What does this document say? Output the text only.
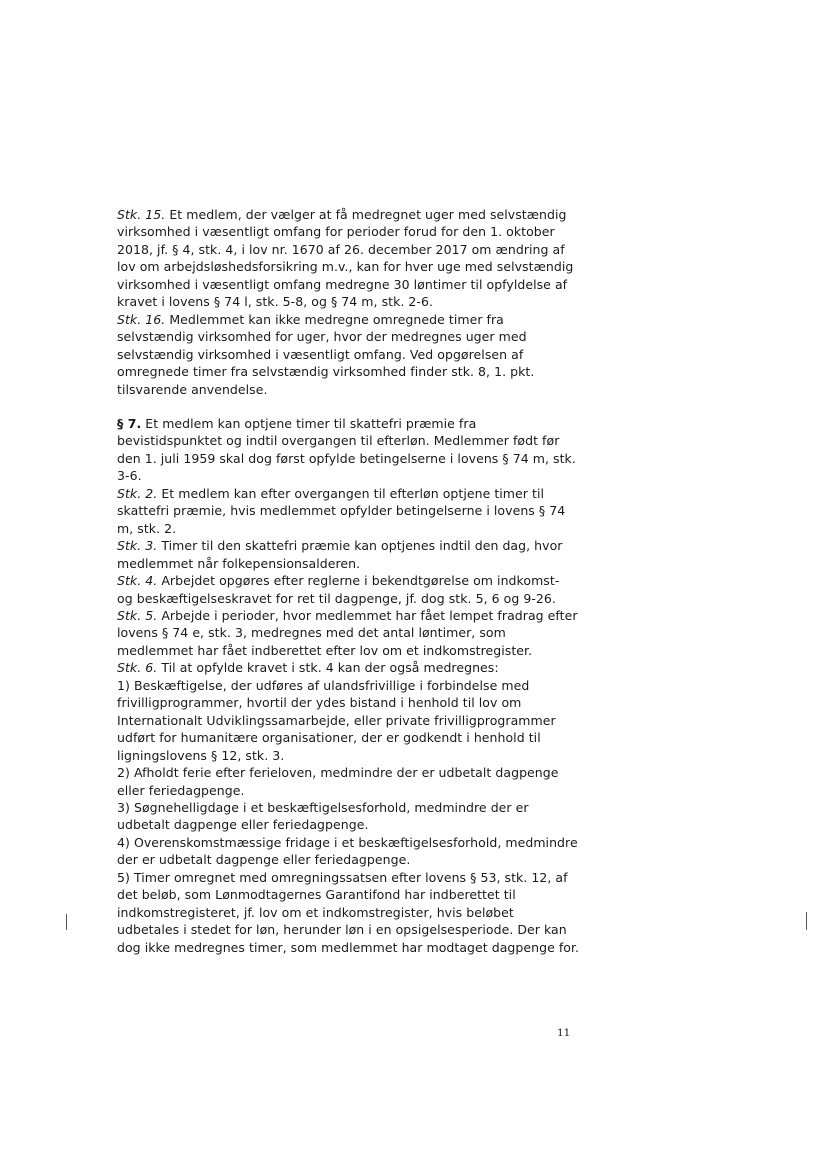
Stk. 15. Et medlem, der vælger at få medregnet uger med selvstændig
virksomhed i væsentligt omfang for perioder forud for den 1. oktober
2018, jf. § 4, stk. 4, i lov nr. 1670 af 26. december 2017 om ændring af
lov om arbejdsløshedsforsikring m.v., kan for hver uge med selvstændig
virksomhed i væsentligt omfang medregne 30 løntimer til opfyldelse af
kravet i lovens § 74 l, stk. 5-8, og § 74 m, stk. 2-6.

Stk. 16. Medlemmet kan ikke medregne omregnede timer fra
selvstændig virksomhed for uger, hvor der medregnes uger med
selvstændig virksomhed i væsentligt omfang. Ved opgørelsen af
omregnede timer fra selvstændig virksomhed finder stk. 8, 1. pkt.
tilsvarende anvendelse.

§ 7. Et medlem kan optjene timer til skattefri præmie fra
bevistidspunktet og indtil overgangen til efterløn. Medlemmer født før
den 1. juli 1959 skal dog først opfylde betingelserne i lovens § 74 m, stk.
3-6.

Stk. 2. Et medlem kan efter overgangen til efterløn optjene timer til
skattefri præmie, hvis medlemmet opfylder betingelserne i lovens § 74
m, stk. 2.

Stk. 3. Timer til den skattefri præmie kan optjenes indtil den dag, hvor
medlemmet når folkepensionsalderen.

Stk. 4. Arbejdet opgøres efter reglerne i bekendtgørelse om indkomst-
og beskæftigelseskravet for ret til dagpenge, jf. dog stk. 5, 6 og 9-26.

Stk. 5. Arbejde i perioder, hvor medlemmet har fået lempet fradrag efter
lovens § 74 e, stk. 3, medregnes med det antal løntimer, som
medlemmet har fået indberettet efter lov om et indkomstregister.

Stk. 6. Til at opfylde kravet i stk. 4 kan der også medregnes:
1) Beskæftigelse, der udføres af ulandsfrivillige i forbindelse med
frivilligprogrammer, hvortil der ydes bistand i henhold til lov om
Internationalt Udviklingssamarbejde, eller private frivilligprogrammer
udført for humanitære organisationer, der er godkendt i henhold til
ligningslovens § 12, stk. 3.
2) Afholdt ferie efter ferieloven, medmindre der er udbetalt dagpenge
eller feriedagpenge.
3) Søgnehelligdage i et beskæftigelsesforhold, medmindre der er
udbetalt dagpenge eller feriedagpenge.
4) Overenskomstmæssige fridage i et beskæftigelsesforhold, medmindre
der er udbetalt dagpenge eller feriedagpenge.
5) Timer omregnet med omregningssatsen efter lovens § 53, stk. 12, af
det beløb, som Lønmodtagernes Garantifond har indberettet til
indkomstregisteret, jf. lov om et indkomstregister, hvis beløbet
udbetales i stedet for løn, herunder løn i en opsigelsesperiode. Der kan
dog ikke medregnes timer, som medlemmet har modtaget dagpenge for.

11
